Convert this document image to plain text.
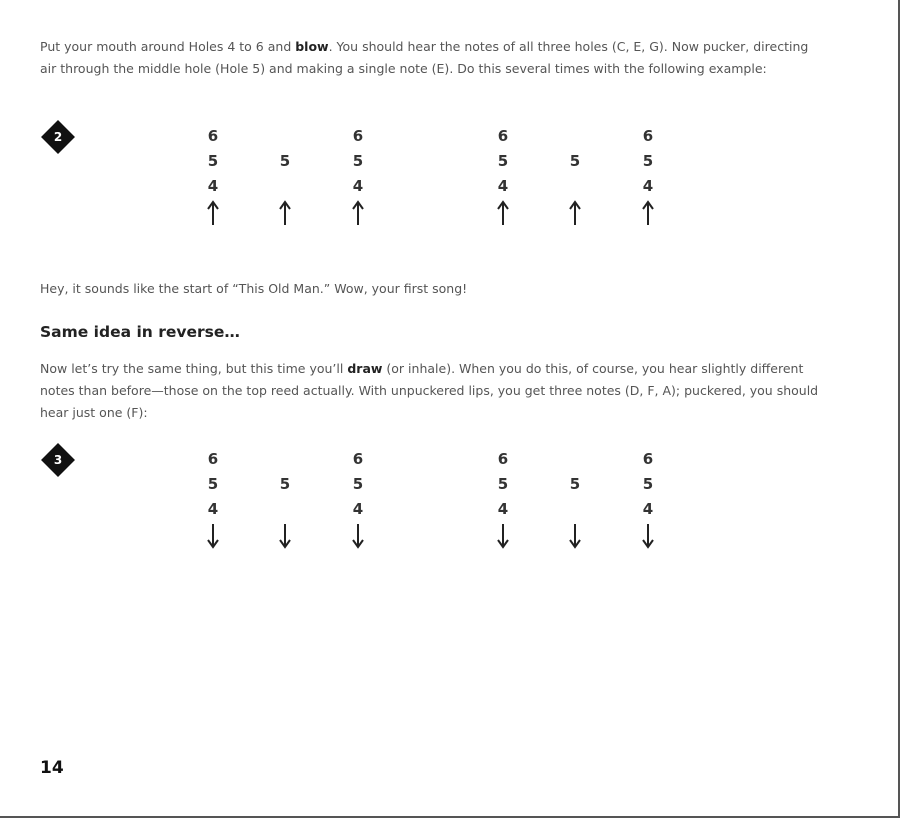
Put your mouth around Holes 4 to 6 and blow. You should hear the notes of all three holes (C, E, G). Now pucker, directing air through the middle hole (Hole 5) and making a single note (E). Do this several times with the following example:

2	6
5
4
5
6
5
4
6
5
4
5
6
5
4

Hey, it sounds like the start of “This Old Man.” Wow, your first song!

Same idea in reverse…

Now let’s try the same thing, but this time you’ll draw (or inhale). When you do this, of course, you hear slightly different notes than before—those on the top reed actually. With unpuckered lips, you get three notes (D, F, A); puckered, you should hear just one (F):

3	6
5
4
5
6
5
4
6
5
4
5
6
5
4

14
